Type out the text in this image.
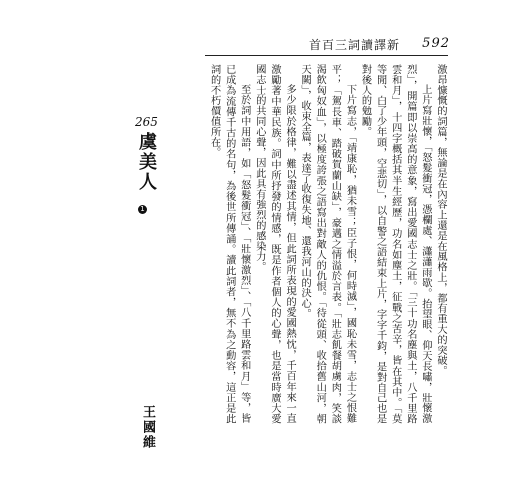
首百三詞讀譯新 592

激昂慷慨的詞篇，無論是在內容上還是在風格上，都有重大的突破。

上片寫壯懷，「怒髮衝冠，憑欄處、瀟瀟雨歇。抬望眼、仰天長嘯，壯懷激烈」，開篇即以崇高的意象，寫出愛國志士之壯。「三十功名塵與土，八千里路雲和月」，十四字概括其半生經歷，功名如塵土，征戰之苦辛，皆在其中。「莫等閒、白了少年頭，空悲切」，以自警之語結束上片，字字千鈞，是對自己也是對後人的勉勵。

下片寫志，「靖康恥，猶未雪；臣子恨，何時滅」，國恥未雪，志士之恨難平；「駕長車、踏破賀蘭山缺」，豪邁之情溢於言表。「壯志飢餐胡虜肉，笑談渴飲匈奴血」，以極度誇張之語寫出對敵人的仇恨。「待從頭、收拾舊山河，朝天闕」，收束全篇，表達了收復失地、還我河山的決心。

多少限於格律，難以盡述其情，但此詞所表現的愛國熱忱，千百年來一直激勵著中華民族。詞中所抒發的情感，既是作者個人的心聲，也是當時廣大愛國志士的共同心聲，因此具有強烈的感染力。

至於詞中用語，如「怒髮衝冠」、「壯懷激烈」、「八千里路雲和月」等，皆已成為流傳千古的名句，為後世所傳誦。讀此詞者，無不為之動容，這正是此詞的不朽價值所在。

265
虞美人
1
王國維
